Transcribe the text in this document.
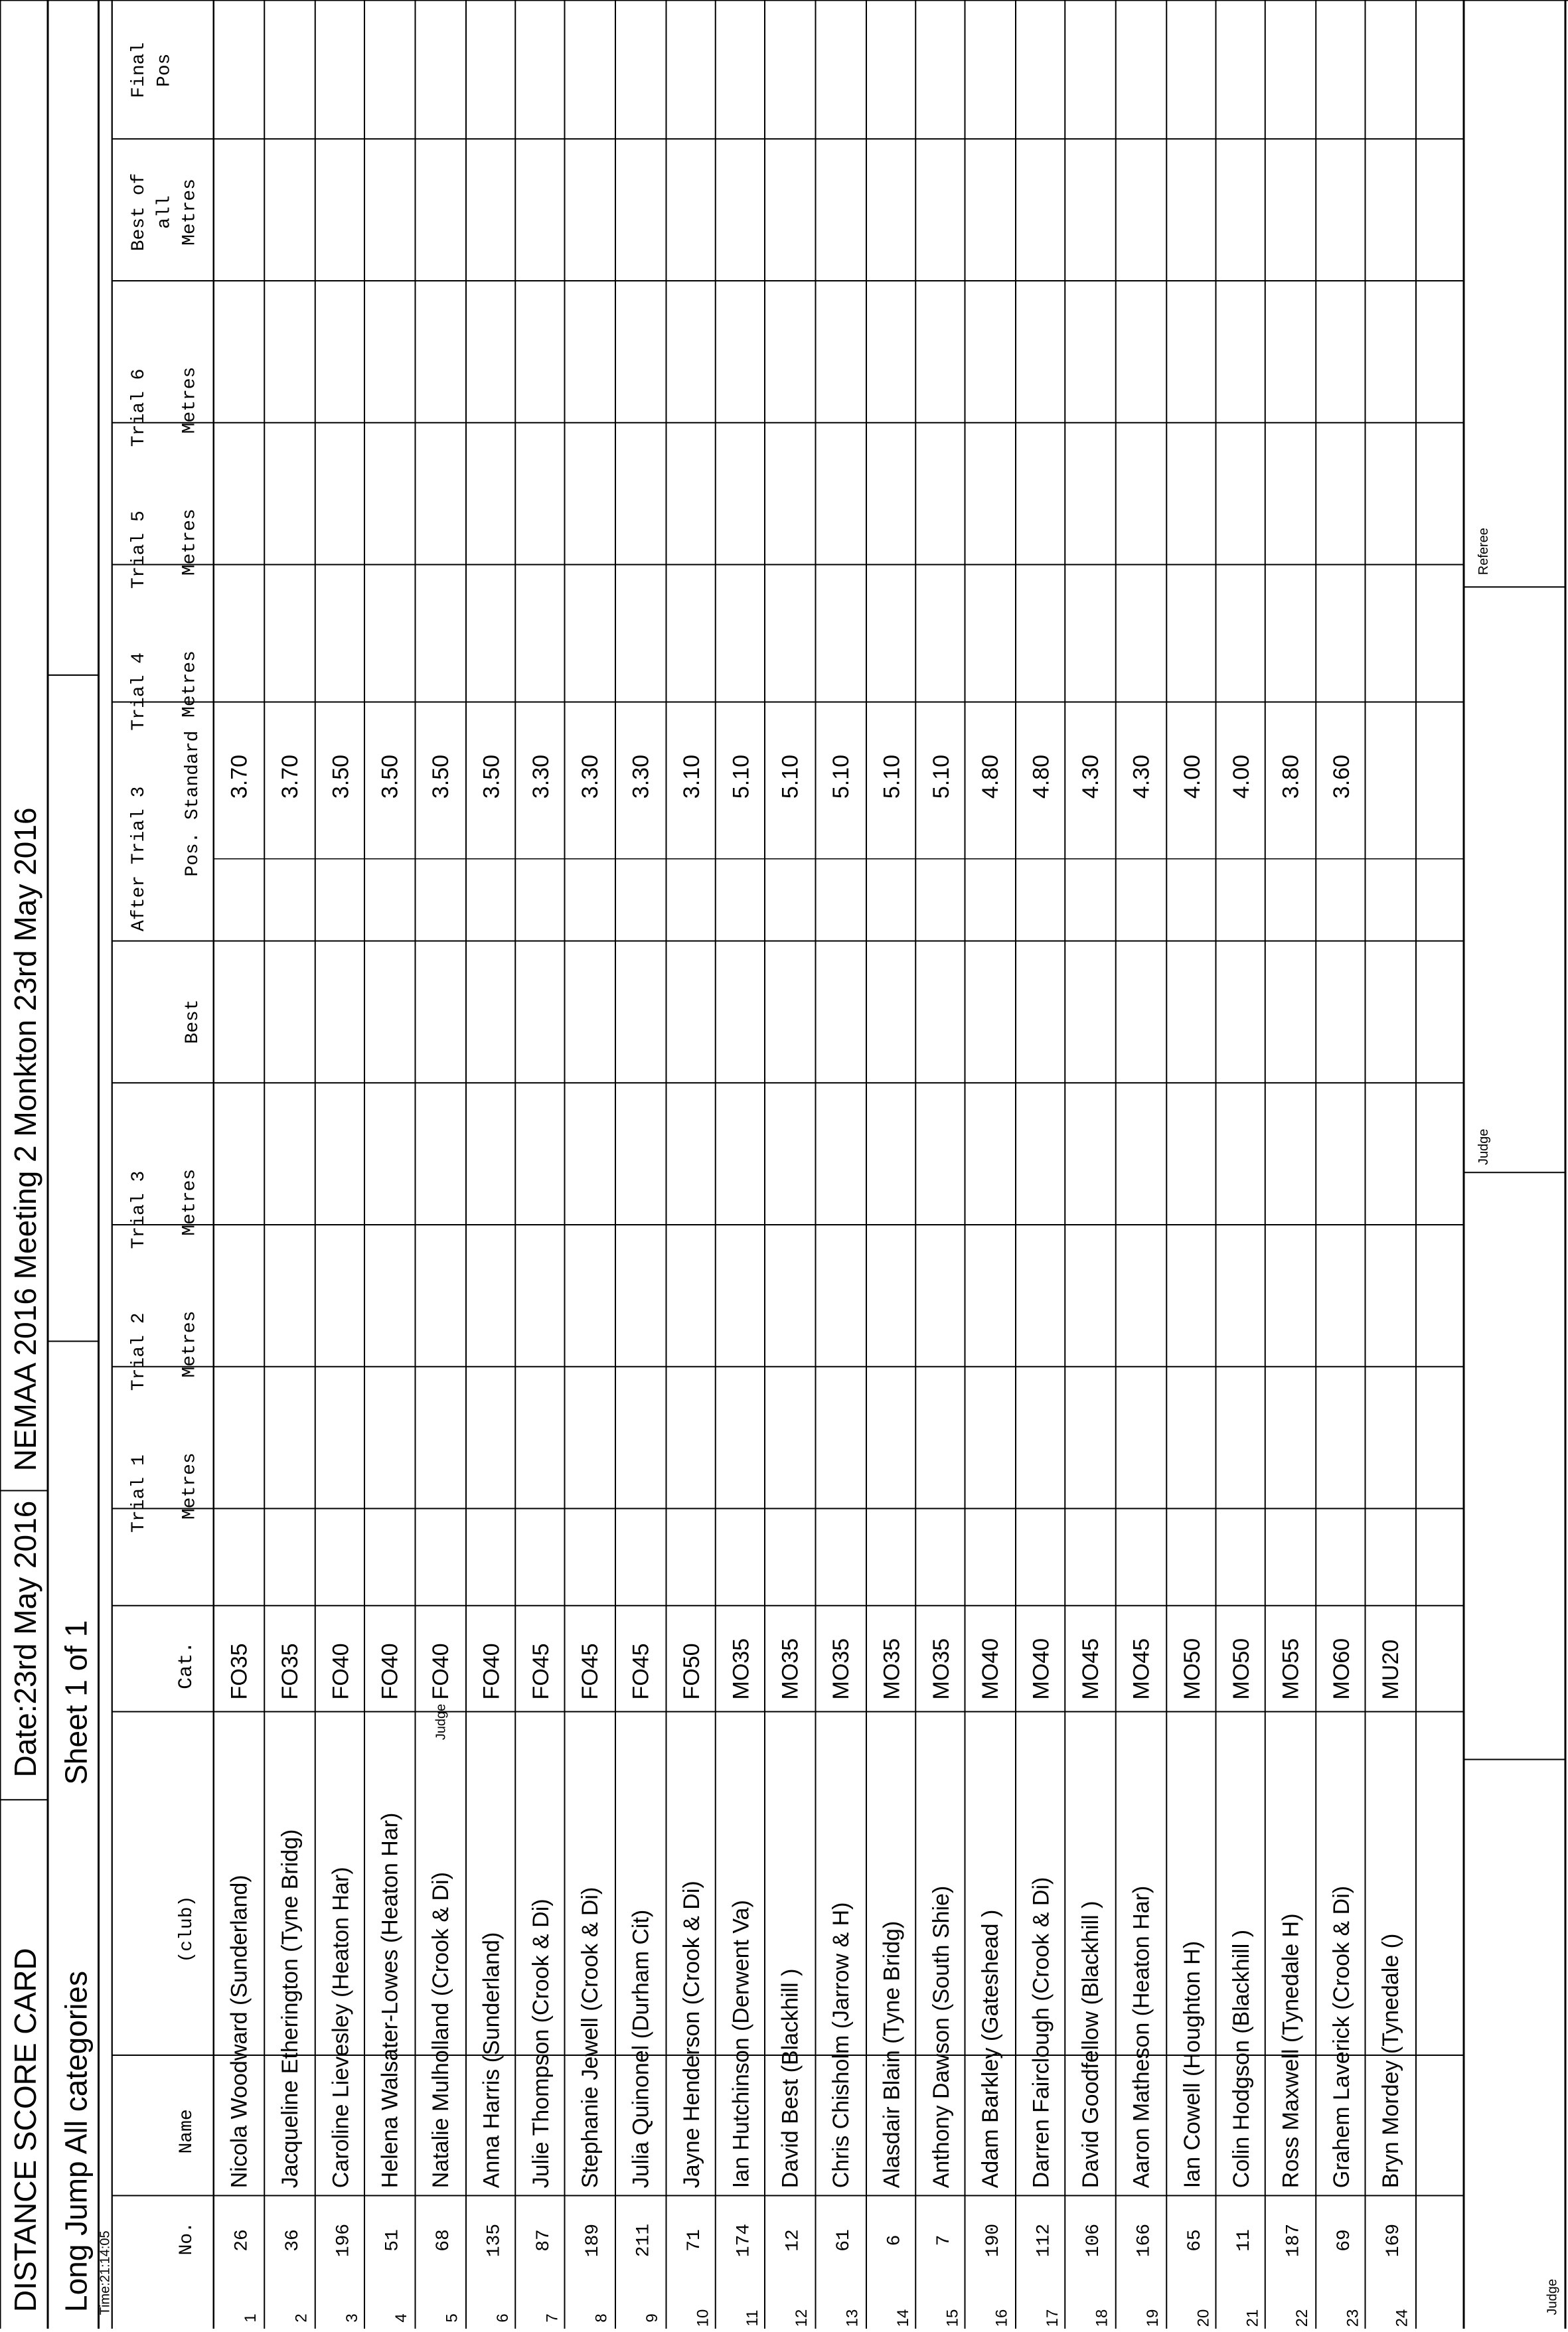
DISTANCE SCORE CARD
Date:23rd May 2016
NEMAA 2016 Meeting 2 Monkton 23rd May 2016
Long Jump All categories
Sheet 1 of 1
Time:21:14:05	No.
Name
(club)
Cat.
Trial 1 Metres
Trial 2 Metres
Trial 3 Metres
Trial 4 Metres
Trial 5 Metres
Trial 6 Metres
After Trial 3
Best
Pos.
Standard
Best of all Metres
Final Pos
1
26
Nicola Woodward (Sunderland)
FO35
3.70
2
36
Jacqueline Etherington (Tyne Bridg)
FO35
3.70
3
196
Caroline Lievesley (Heaton Har)
FO40
3.50
4
51
Helena Walsater-Lowes (Heaton Har)
FO40
3.50
5
68
Natalie Mulholland (Crook & Di)
FO40
3.50
6
135
Anna Harris (Sunderland)
FO40
3.50
7
87
Julie Thompson (Crook & Di)
FO45
3.30
8
189
Stephanie Jewell (Crook & Di)
FO45
3.30
9
211
Julia Quinonel (Durham Cit)
FO45
3.30
10
71
Jayne Henderson (Crook & Di)
FO50
3.10
11
174
Ian Hutchinson (Derwent Va)
MO35
5.10
12
12
David Best (Blackhill )
MO35
5.10
13
61
Chris Chisholm (Jarrow & H)
MO35
5.10
14
6
Alasdair Blain (Tyne Bridg)
MO35
5.10
15
7
Anthony Dawson (South Shie)
MO35
5.10
16
190
Adam Barkley (Gateshead )
MO40
4.80
17
112
Darren Fairclough (Crook & Di)
MO40
4.80
18
106
David Goodfellow (Blackhill )
MO45
4.30
19
166
Aaron Matheson (Heaton Har)
MO45
4.30
20
65
Ian Cowell (Houghton H)
MO50
4.00
21
11
Colin Hodgson (Blackhill )
MO50
4.00
22
187
Ross Maxwell (Tynedale H)
MO55
3.80
23
69
Grahem Laverick (Crook & Di)
MO60
3.60
24
169
Bryn Mordey (Tynedale ()
MU20
Judge
Judge
Judge
Referee
